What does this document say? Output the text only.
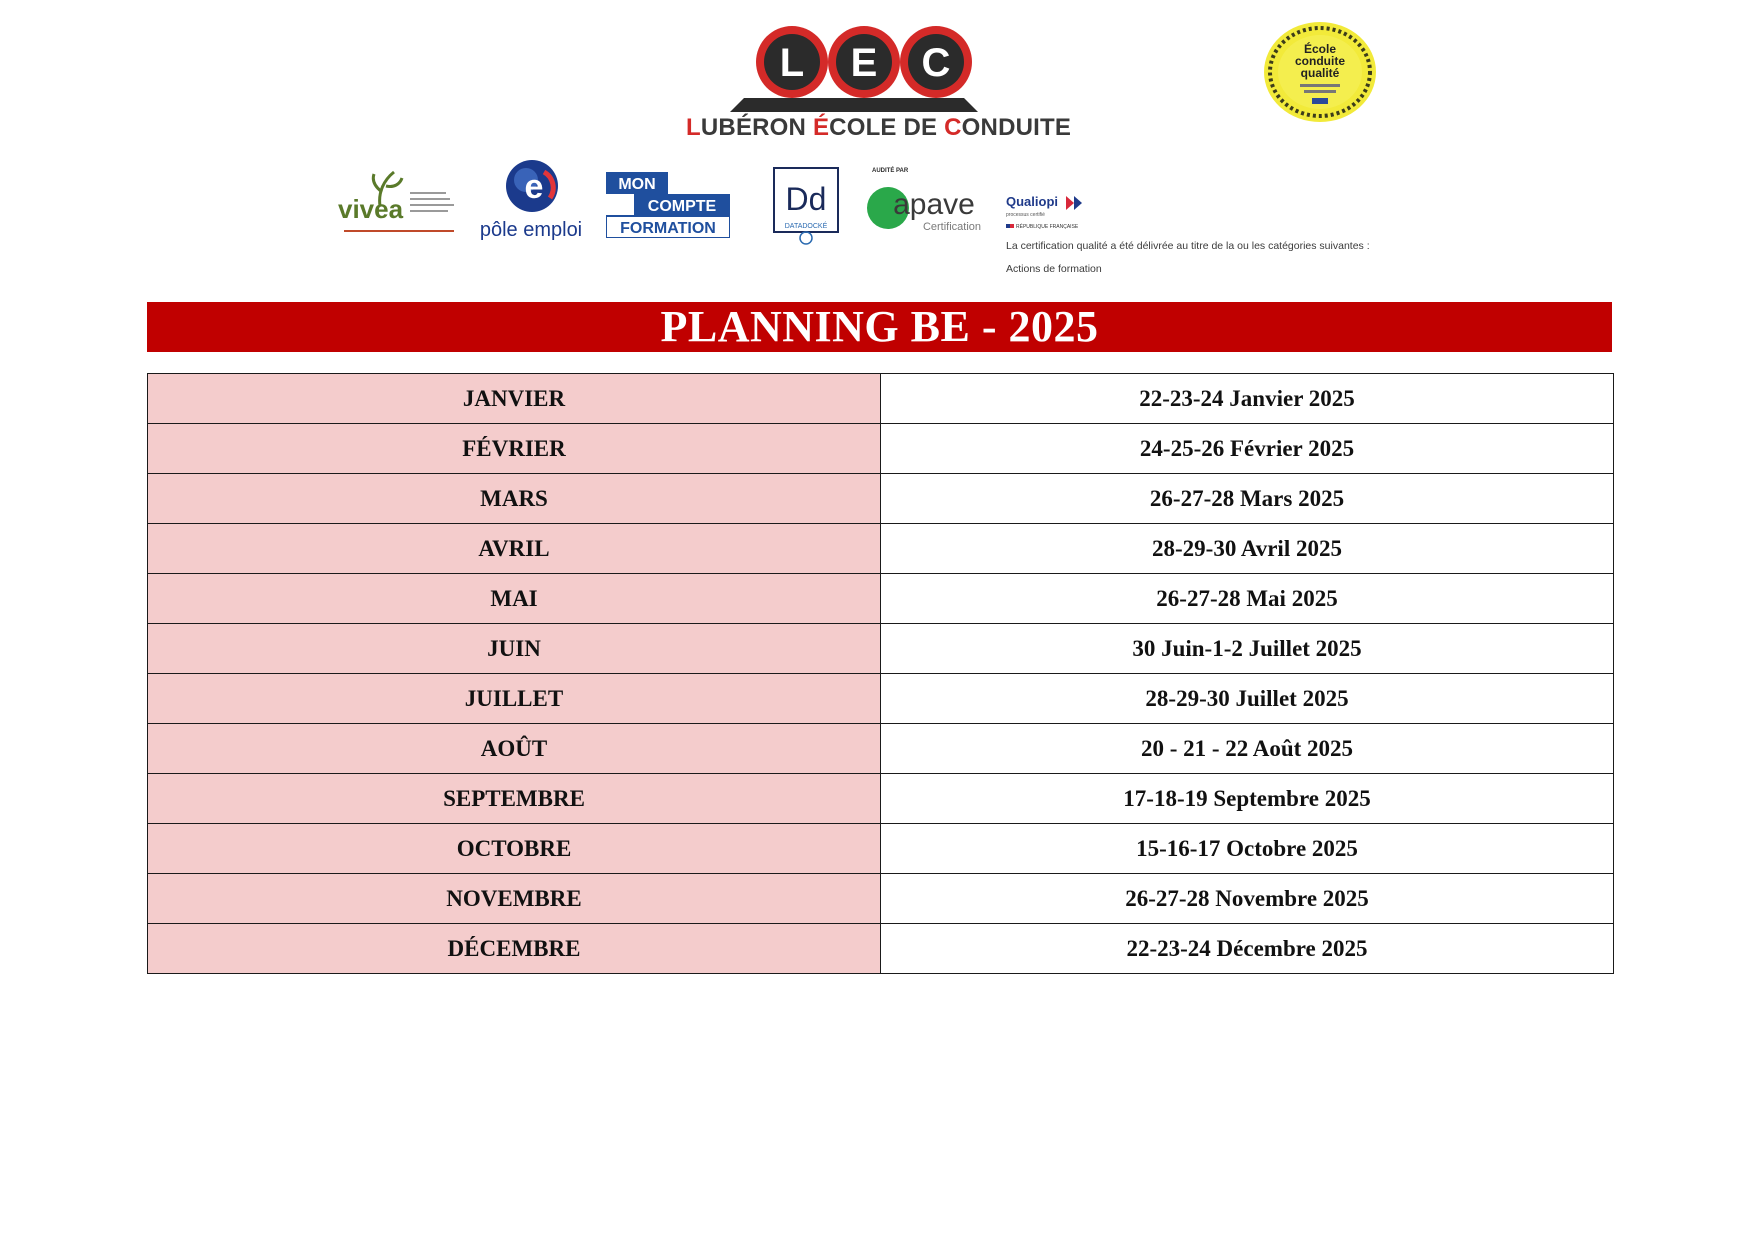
L E C
LUBÉRON ÉCOLE DE CONDUITE
École
conduite
qualité
vivea
e
pôle emploi
MON
COMPTE
FORMATION
Dd
DATADOCKÉ
AUDITÉ PAR
apave
Certification
Qualiopi
processus certifié
RÉPUBLIQUE FRANÇAISE
La certification qualité a été délivrée au titre de la ou les catégories suivantes :
Actions de formation
PLANNING BE - 2025
JANVIER	22-23-24 Janvier 2025
FÉVRIER	24-25-26 Février 2025
MARS	26-27-28 Mars 2025
AVRIL	28-29-30 Avril 2025
MAI	26-27-28 Mai 2025
JUIN	30 Juin-1-2 Juillet 2025
JUILLET	28-29-30 Juillet 2025
AOÛT	20 - 21 - 22 Août 2025
SEPTEMBRE	17-18-19 Septembre 2025
OCTOBRE	15-16-17 Octobre 2025
NOVEMBRE	26-27-28 Novembre 2025
DÉCEMBRE	22-23-24 Décembre 2025
